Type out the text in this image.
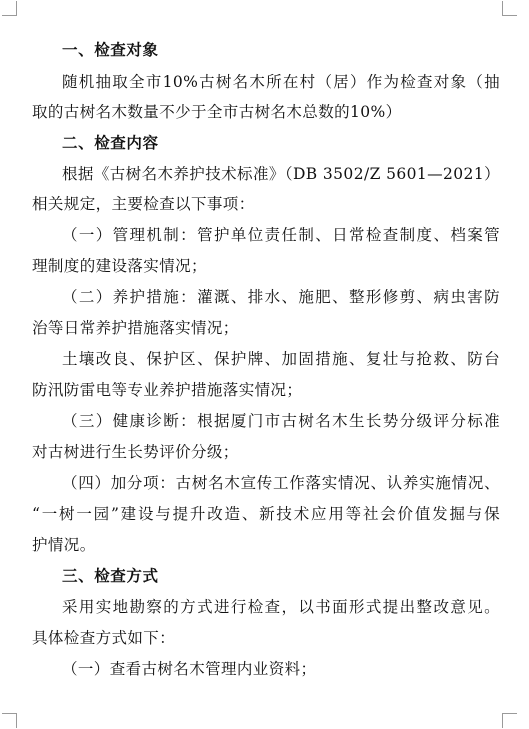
一、检查对象
随机抽取全市10%古树名木所在村（居）作为检查对象（抽
取的古树名木数量不少于全市古树名木总数的10%）
二、检查内容
根据《古树名木养护技术标准》（DB 3502/Z 5601—2021）
相关规定，主要检查以下事项：
（一）管理机制：管护单位责任制、日常检查制度、档案管
理制度的建设落实情况；
（二）养护措施：灌溉、排水、施肥、整形修剪、病虫害防
治等日常养护措施落实情况；
土壤改良、保护区、保护牌、加固措施、复壮与抢救、防台
防汛防雷电等专业养护措施落实情况；
（三）健康诊断：根据厦门市古树名木生长势分级评分标准
对古树进行生长势评价分级；
（四）加分项：古树名木宣传工作落实情况、认养实施情况、
“一树一园”建设与提升改造、新技术应用等社会价值发掘与保
护情况。
三、检查方式
采用实地勘察的方式进行检查，以书面形式提出整改意见。
具体检查方式如下：
（一）查看古树名木管理内业资料；
